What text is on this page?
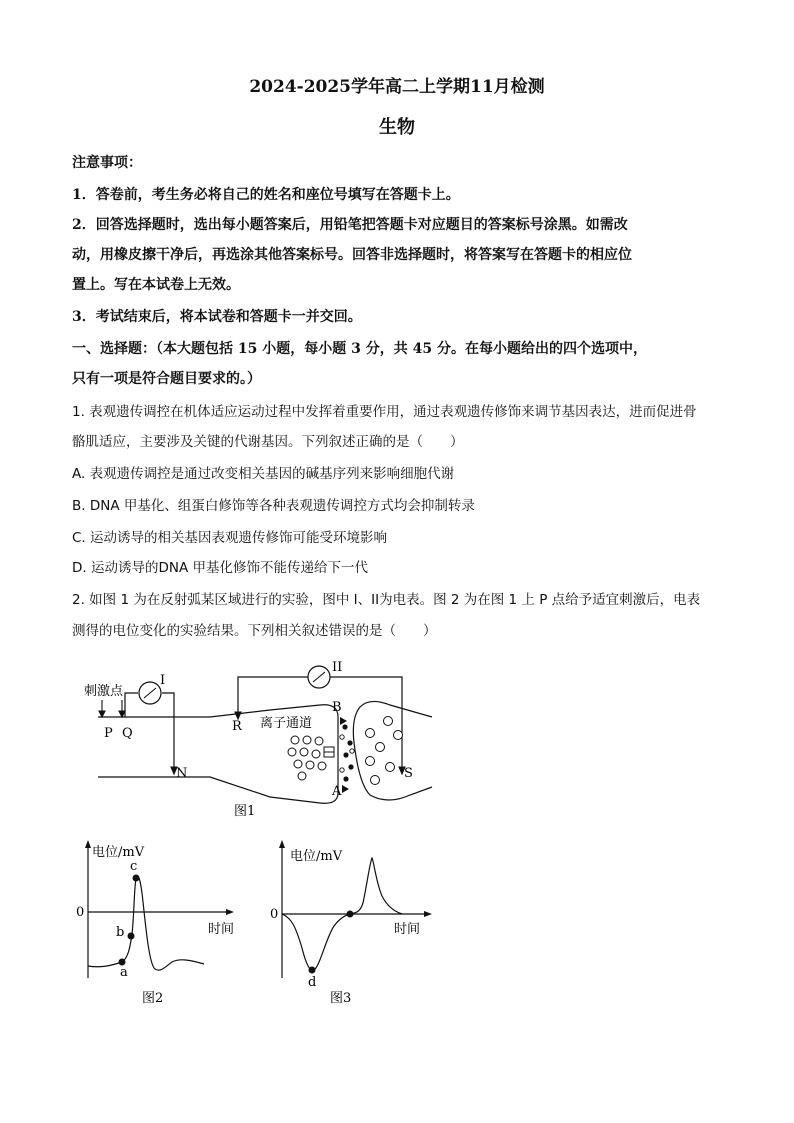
2024-2025学年高二上学期11月检测
生物
注意事项：
1．答卷前，考生务必将自己的姓名和座位号填写在答题卡上。
2．回答选择题时，选出每小题答案后，用铅笔把答题卡对应题目的答案标号涂黑。如需改
动，用橡皮擦干净后，再选涂其他答案标号。回答非选择题时，将答案写在答题卡的相应位
置上。写在本试卷上无效。
3．考试结束后，将本试卷和答题卡一并交回。
一、选择题：（本大题包括 15 小题，每小题 3 分，共 45 分。在每小题给出的四个选项中，
只有一项是符合题目要求的。）
1. 表观遗传调控在机体适应运动过程中发挥着重要作用，通过表观遗传修饰来调节基因表达，进而促进骨
骼肌适应，主要涉及关键的代谢基因。下列叙述正确的是（　　）
A. 表观遗传调控是通过改变相关基因的碱基序列来影响细胞代谢
B. DNA 甲基化、组蛋白修饰等各种表观遗传调控方式均会抑制转录
C. 运动诱导的相关基因表观遗传修饰可能受环境影响
D. 运动诱导的DNA 甲基化修饰不能传递给下一代
2. 如图 1 为在反射弧某区域进行的实验，图中 I、II为电表。图 2 为在图 1 上 P 点给予适宜刺激后，电表
测得的电位变化的实验结果。下列相关叙述错误的是（　　）
刺激点
I
II
P Q	R
N	S
B
A
离子通道
图1
电位/mV
0
时间
a
b
c
图2
电位/mV
0
时间
d
图3
